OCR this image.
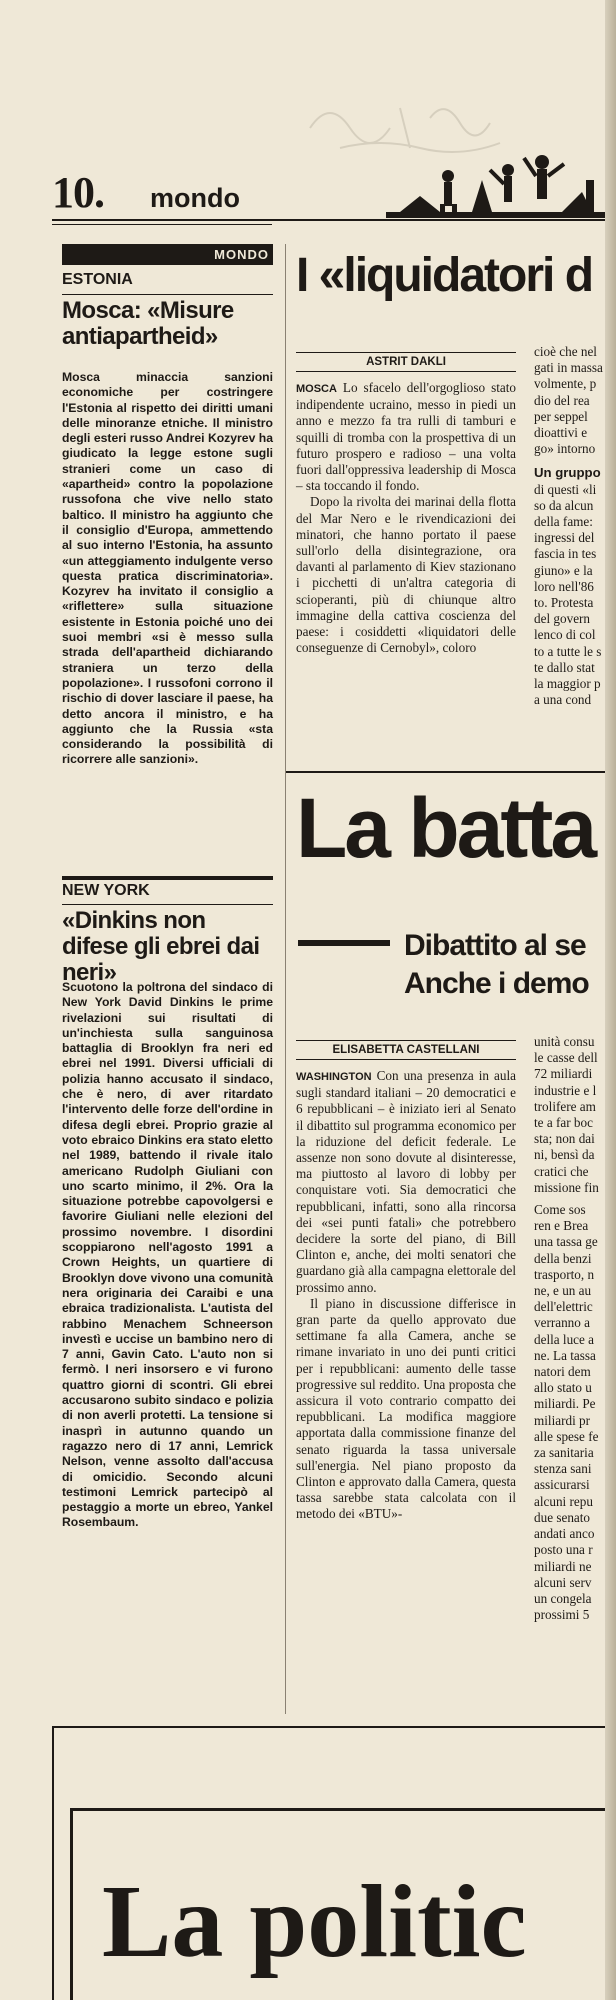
10. mondo
MONDO
ESTONIA
Mosca: «Misure antiapartheid»
Mosca minaccia sanzioni economiche per costringere l'Estonia al rispetto dei diritti umani delle minoranze etniche. Il ministro degli esteri russo Andrei Kozyrev ha giudicato la legge estone sugli stranieri come un caso di «apartheid» contro la popolazione russofona che vive nello stato baltico. Il ministro ha aggiunto che il consiglio d'Europa, ammettendo al suo interno l'Estonia, ha assunto «un atteggiamento indulgente verso questa pratica discriminatoria». Kozyrev ha invitato il consiglio a «riflettere» sulla situazione esistente in Estonia poiché uno dei suoi membri «si è messo sulla strada dell'apartheid dichiarando straniera un terzo della popolazione». I russofoni corrono il rischio di dover lasciare il paese, ha detto ancora il ministro, e ha aggiunto che la Russia «sta considerando la possibilità di ricorrere alle sanzioni».
NEW YORK
«Dinkins non difese gli ebrei dai neri»
Scuotono la poltrona del sindaco di New York David Dinkins le prime rivelazioni sui risultati di un'inchiesta sulla sanguinosa battaglia di Brooklyn fra neri ed ebrei nel 1991. Diversi ufficiali di polizia hanno accusato il sindaco, che è nero, di aver ritardato l'intervento delle forze dell'ordine in difesa degli ebrei. Proprio grazie al voto ebraico Dinkins era stato eletto nel 1989, battendo il rivale italo americano Rudolph Giuliani con uno scarto minimo, il 2%. Ora la situazione potrebbe capovolgersi e favorire Giuliani nelle elezioni del prossimo novembre. I disordini scoppiarono nell'agosto 1991 a Crown Heights, un quartiere di Brooklyn dove vivono una comunità nera originaria dei Caraibi e una ebraica tradizionalista. L'autista del rabbino Menachem Schneerson investì e uccise un bambino nero di 7 anni, Gavin Cato. L'auto non si fermò. I neri insorsero e vi furono quattro giorni di scontri. Gli ebrei accusarono subito sindaco e polizia di non averli protetti. La tensione si inasprì in autunno quando un ragazzo nero di 17 anni, Lemrick Nelson, venne assolto dall'accusa di omicidio. Secondo alcuni testimoni Lemrick partecipò al pestaggio a morte un ebreo, Yankel Rosembaum.
I «liquidatori d
ASTRIT DAKLI
MOSCA Lo sfacelo dell'orgoglioso stato indipendente ucraino, messo in piedi un anno e mezzo fa tra rulli di tamburi e squilli di tromba con la prospettiva di un futuro prospero e radioso – una volta fuori dall'oppressiva leadership di Mosca – sta toccando il fondo.
Dopo la rivolta dei marinai della flotta del Mar Nero e le rivendicazioni dei minatori, che hanno portato il paese sull'orlo della disintegrazione, ora davanti al parlamento di Kiev stazionano i picchetti di un'altra categoria di scioperanti, più di chiunque altro immagine della cattiva coscienza del paese: i cosiddetti «liquidatori delle conseguenze di Cernobyl», coloro

cioè che nel

gati in massa

volmente, p

dio del rea

per seppel

dioattivi e

go» intorno

Un gruppo

di questi «li

so da alcun

della fame:

ingressi del

fascia in tes

giuno» e la

loro nell'86

to. Protesta

del govern

lenco di col

to a tutte le s

te dallo stat

la maggior p

a una cond

La batta
Dibattito al se
Anche i demo
ELISABETTA CASTELLANI
WASHINGTON Con una presenza in aula sugli standard italiani – 20 democratici e 6 repubblicani – è iniziato ieri al Senato il dibattito sul programma economico per la riduzione del deficit federale. Le assenze non sono dovute al disinteresse, ma piuttosto al lavoro di lobby per conquistare voti. Sia democratici che repubblicani, infatti, sono alla rincorsa dei «sei punti fatali» che potrebbero decidere la sorte del piano, di Bill Clinton e, anche, dei molti senatori che guardano già alla campagna elettorale del prossimo anno.
Il piano in discussione differisce in gran parte da quello approvato due settimane fa alla Camera, anche se rimane invariato in uno dei punti critici per i repubblicani: aumento delle tasse progressive sul reddito. Una proposta che assicura il voto contrario compatto dei repubblicani. La modifica maggiore apportata dalla commissione finanze del senato riguarda la tassa universale sull'energia. Nel piano proposto da Clinton e approvato dalla Camera, questa tassa sarebbe stata calcolata con il metodo dei «BTU»-

unità consu

le casse dell

72 miliardi

industrie e l

trolifere am

te a far boc

sta; non dai

ni, bensì da

cratici che

missione fin

Come sos

ren e Brea

una tassa ge

della benzi

trasporto, n

ne, e un au

dell'elettric

verranno a

della luce a

ne. La tassa

natori dem

allo stato u

miliardi. Pe

miliardi pr

alle spese fe

za sanitaria

stenza sani

assicurarsi

alcuni repu

due senato

andati anco

posto una r

miliardi ne

alcuni serv

un congela

prossimi 5

La politic
